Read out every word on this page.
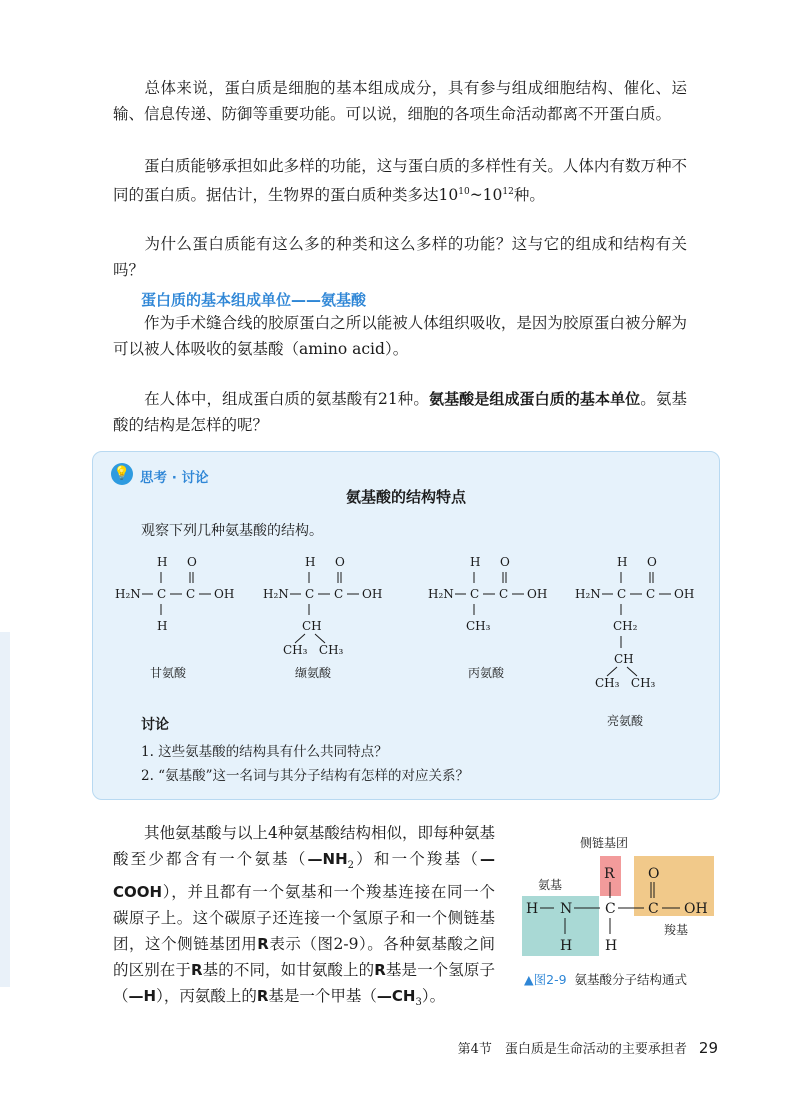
总体来说，蛋白质是细胞的基本组成成分，具有参与组成细胞结构、催化、运输、信息传递、防御等重要功能。可以说，细胞的各项生命活动都离不开蛋白质。

蛋白质能够承担如此多样的功能，这与蛋白质的多样性有关。人体内有数万种不同的蛋白质。据估计，生物界的蛋白质种类多达$10^{10}\sim 10^{12}$种。

为什么蛋白质能有这么多的种类和这么多样的功能？这与它的组成和结构有关吗？

蛋白质的基本组成单位——氨基酸

作为手术缝合线的胶原蛋白之所以能被人体组织吸收，是因为胶原蛋白被分解为可以被人体吸收的氨基酸（amino acid）。

在人体中，组成蛋白质的氨基酸有21种。氨基酸是组成蛋白质的基本单位。氨基酸的结构是怎样的呢？

💡 思考 · 讨论
氨基酸的结构特点
观察下列几种氨基酸的结构。
H O
H₂N C C OH
H
甘氨酸
H O
H₂N C C OH
CH
CH₃   CH₃
缬氨酸
H O
H₂N C C OH
CH₃
丙氨酸
H O
H₂N C C OH
CH₂
CH
CH₃   CH₃
亮氨酸
讨论
1. 这些氨基酸的结构具有什么共同特点？
2. “氨基酸”这一名词与其分子结构有怎样的对应关系？

其他氨基酸与以上4种氨基酸结构相似，即每种氨基酸至少都含有一个氨基$(—NH_2)$和一个羧基（—COOH），并且都有一个氨基和一个羧基连接在同一个碳原子上。这个碳原子还连接一个氢原子和一个侧链基团，这个侧链基团用R表示（图2-9）。各种氨基酸之间的区别在于R基的不同，如甘氨酸上的R基是一个氢原子（—H），丙氨酸上的R基是一个甲基$(—CH_3)$。

侧链基团
氨基
羧基
R O
H N C C OH
H H
▲图2-9 氨基酸分子结构通式
第4节　蛋白质是生命活动的主要承担者 29
